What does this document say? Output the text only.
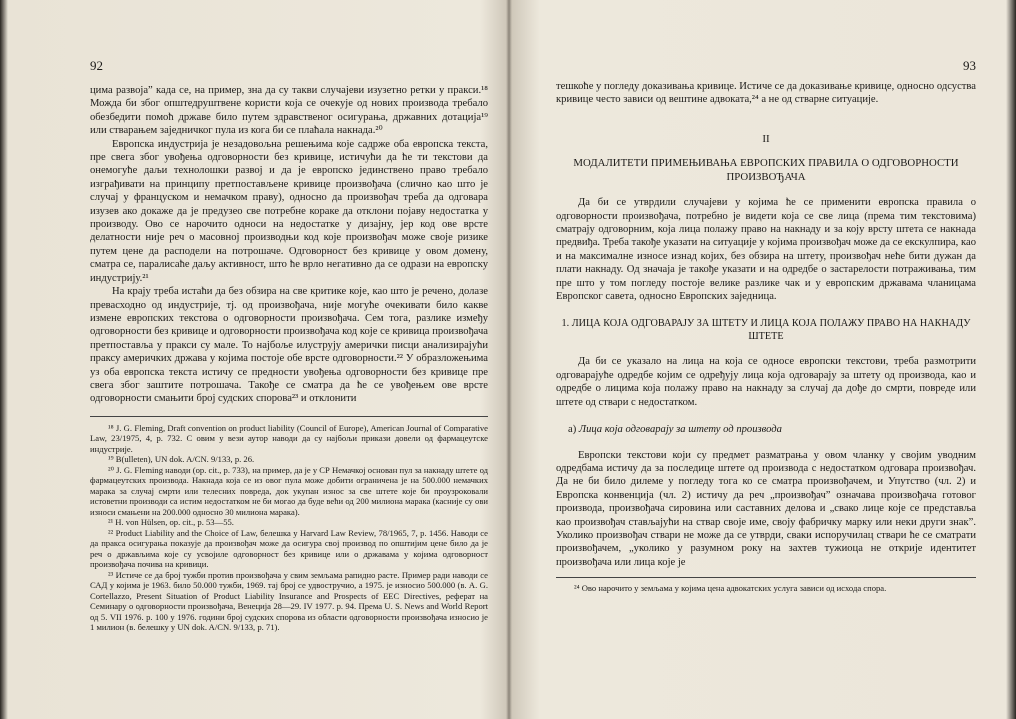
92

цима развоја” када се, на пример, зна да су такви случајеви изузетно ретки у пракси.¹⁸ Можда би због општедруштвене користи која се очекује од нових производа требало обезбедити помоћ државе било путем здравственог осигурања, државних дотација¹⁹ или стварањем заједничког пула из кога би се плаћала накнада.²⁰

Европска индустрија је незадовољна решењима које садрже оба европска текста, пре свега због увођења одговорности без кривице, истичући да ће ти текстови да онемогуће даљи технолошки развој и да је европско јединствено право требало изграђивати на принципу претпостављене кривице произвођача (слично као што је случај у француском и немачком праву), односно да произвођач треба да одговара изузев ако докаже да је предузео све потребне кораке да отклони појаву недостатка у производу. Ово се нарочито односи на недостатке у дизајну, јер код ове врсте делатности није реч о масовној производњи код које произвођач може своје ризике путем цене да расподели на потрошаче. Одговорност без кривице у овом домену, сматра се, паралисаће даљу активност, што ће врло негативно да се одрази на европску индустрију.²¹

На крају треба истаћи да без обзира на све критике које, као што је речено, долазе превасходно од индустрије, тј. од произвођача, није могуће очекивати било какве измене европских текстова о одговорности произвођача. Сем тога, разлике између одговорности без кривице и одговорности произвођача код које се кривица произвођача претпоставља у пракси су мале. То најбоље илуструју амерички писци анализирајући праксу америчких држава у којима постоје обе врсте одговорности.²² У образложењима уз оба европска текста истичу се предности увођења одговорности без кривице пре свега због заштите потрошача. Такође се сматра да ће се увођењем ове врсте одговорности смањити број судских спорова²³ и отклонити

¹⁸ J. G. Fleming, Draft convention on product liability (Council of Europe), American Journal of Comparative Law, 23/1975, 4, p. 732. С овим у вези аутор наводи да су најбољи прикази довели од фармацеутске индустрије.

¹⁹ B(ulleten), UN dok. A/CN. 9/133, p. 26.

²⁰ J. G. Fleming наводи (op. cit., p. 733), на пример, да је у СР Немачкој основан пул за накнаду штете од фармацеутских производа. Накнада која се из овог пула може добити ограничена је на 500.000 немачких марака за случај смрти или телесних повреда, док укупан износ за све штете које би проузроковали истоветни производи са истим недостатком не би могао да буде већи од 200 милиона марака (касније су ови износи смањени на 200.000 односно 30 милиона марака).

²¹ H. von Hülsen, op. cit., p. 53—55.

²² Product Liability and the Choice of Law, белешка у Harvard Law Review, 78/1965, 7, p. 1456. Наводи се да пракса осигурања показује да произвођач може да осигура свој производ по општијим цене било да је реч о држављима које су усвојиле одговорност без кривице или о државама у којима одговорност произвођача почива на кривици.

²³ Истиче се да број тужби против произвођача у свим земљама рапидно расте. Пример ради наводи се САД у којима је 1963. било 50.000 тужби, 1969. тај број се удвостручио, а 1975. је износио 500.000 (в. A. G. Cortellazzo, Present Situation of Product Liability Insurance and Prospects of EEC Directives, реферат на Семинару о одговорности произвођача, Венеција 28—29. IV 1977. p. 94. Према U. S. News and World Report од 5. VII 1976. p. 100 у 1976. години број судских спорова из области одговорности произвођача износио је 1 милион (в. белешку у UN dok. A/CN. 9/133, p. 71).

93

тешкоће у погледу доказивања кривице. Истиче се да доказивање кривице, односно одсуства кривице често зависи од вештине адвоката,²⁴ а не од стварне ситуације.

II
МОДАЛИТЕТИ ПРИМЕЊИВАЊА ЕВРОПСКИХ ПРАВИЛА О ОДГОВОРНОСТИ ПРОИЗВОЂАЧА

Да би се утврдили случајеви у којима ће се применити европска правила о одговорности произвођача, потребно је видети која се све лица (према тим текстовима) сматрају одговорним, која лица полажу право на накнаду и за коју врсту штета се накнада предвиђа. Треба такође указати на ситуације у којима произвођач може да се екскулпира, као и на максималне износе изнад којих, без обзира на штету, произвођач неће бити дужан да плати накнаду. Од значаја је такође указати и на одредбе о застарелости потраживања, тим пре што у том погледу постоје велике разлике чак и у европским државама чланицама Европског савета, односно Европских заједница.

1. ЛИЦА КОЈА ОДГОВАРАЈУ ЗА ШТЕТУ И ЛИЦА КОЈА ПОЛАЖУ ПРАВО НА НАКНАДУ ШТЕТЕ

Да би се указало на лица на која се односе европски текстови, треба размотрити одговарајуће одредбе којим се одређују лица која одговарају за штету од производа, као и одредбе о лицима која полажу право на накнаду за случај да дође до смрти, повреде или штете од ствари с недостатком.

а) Лица која одговарају за штету од производа

Европски текстови који су предмет разматрања у овом чланку у својим уводним одредбама истичу да за последице штете од производа с недостатком одговара произвођач. Да не би било дилеме у погледу тога ко се сматра произвођачем, и Упутство (чл. 2) и Европска конвенција (чл. 2) истичу да реч „произвођач” означава произвођача готовог производа, произвођача сировина или саставних делова и „свако лице које се представља као произвођач стављајући на ствар своје име, своју фабричку марку или неки други знак”. Уколико произвођач ствари не може да се утврди, сваки испоручилац ствари ће се сматрати произвођачем, „уколико у разумном року на захтев тужиоца не открије идентитет произвођача или лица које је

²⁴ Ово нарочито у земљама у којима цена адвокатских услуга зависи од исхода спора.
